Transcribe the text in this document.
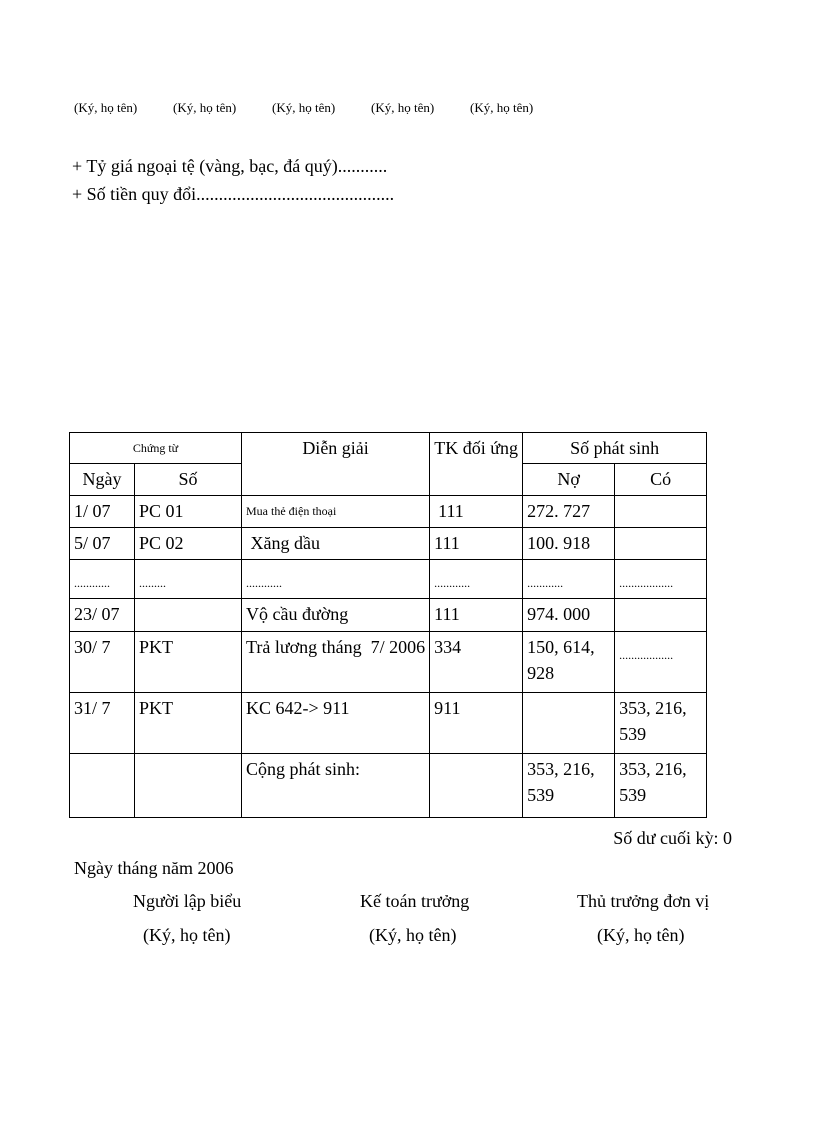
(Ký, họ tên)	(Ký, họ tên)	(Ký, họ tên)	(Ký, họ tên)	(Ký, họ tên)
+ Tỷ giá ngoại tệ (vàng, bạc, đá quý)...........
+ Số tiền quy đổi............................................
Chứng từ		Diễn giải	TK đối ứng	Số phát sinh	
Ngày	Số			Nợ	Có
1/ 07	PC 01	Mua thẻ điện thoại	111	272. 727	
5/ 07	PC 02	Xăng dầu	111	100. 918	
............	.........	............	............	............	..................
23/ 07		Vộ cầu đường	111	974. 000	
30/ 7	PKT	Trả lương tháng  7/ 2006	334	150, 614, 928	..................
31/ 7	PKT	KC 642-> 911	911		353, 216, 539
		Cộng phát sinh:		353, 216, 539	353, 216, 539
Số dư cuối kỳ: 0
Ngày tháng năm 2006
Người lập biểu
(Ký, họ tên)
Kế toán trưởng
(Ký, họ tên)
Thủ trưởng đơn vị
(Ký, họ tên)
